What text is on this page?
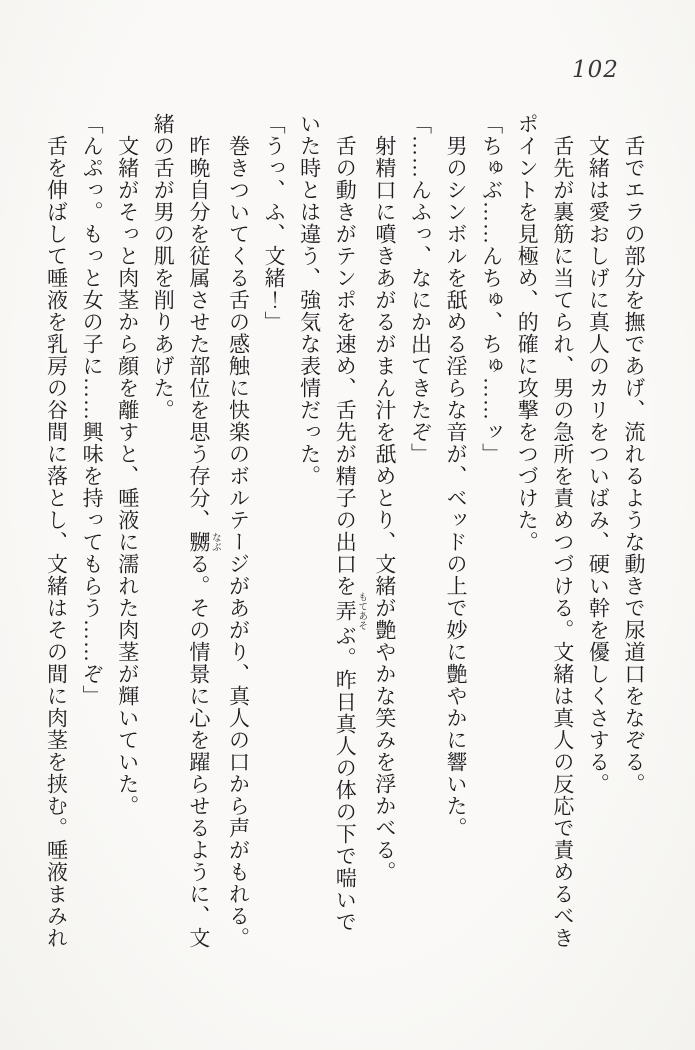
102

舌でエラの部分を撫であげ、流れるような動きで尿道口をなぞる。

文緒は愛おしげに真人のカリをついばみ、硬い幹を優しくさする。

舌先が裏筋に当てられ、男の急所を責めつづける。文緒は真人の反応で責めるべきポイントを見極め、的確に攻撃をつづけた。

「ちゅぶ……んちゅ、ちゅ……ッ」

男のシンボルを舐める淫らな音が、ベッドの上で妙に艶やかに響いた。

「……んふっ、なにか出てきたぞ」

射精口に噴きあがるがまん汁を舐めとり、文緒が艶やかな笑みを浮かべる。

舌の動きがテンポを速め、舌先が精子の出口を弄 もてあそぶ。昨日真人の体の下で喘いでいた時とは違う、強気な表情だった。

「うっ、ふ、文緒！」

巻きついてくる舌の感触に快楽のボルテージがあがり、真人の口から声がもれる。

昨晩自分を従属させた部位を思う存分、嬲 なぶる。その情景に心を躍らせるように、文緒の舌が男の肌を削りあげた。

文緒がそっと肉茎から顔を離すと、唾液に濡れた肉茎が輝いていた。

「んぷっ。もっと女の子に……興味を持ってもらう……ぞ」

舌を伸ばして唾液を乳房の谷間に落とし、文緒はその間に肉茎を挟む。唾液まみれ
